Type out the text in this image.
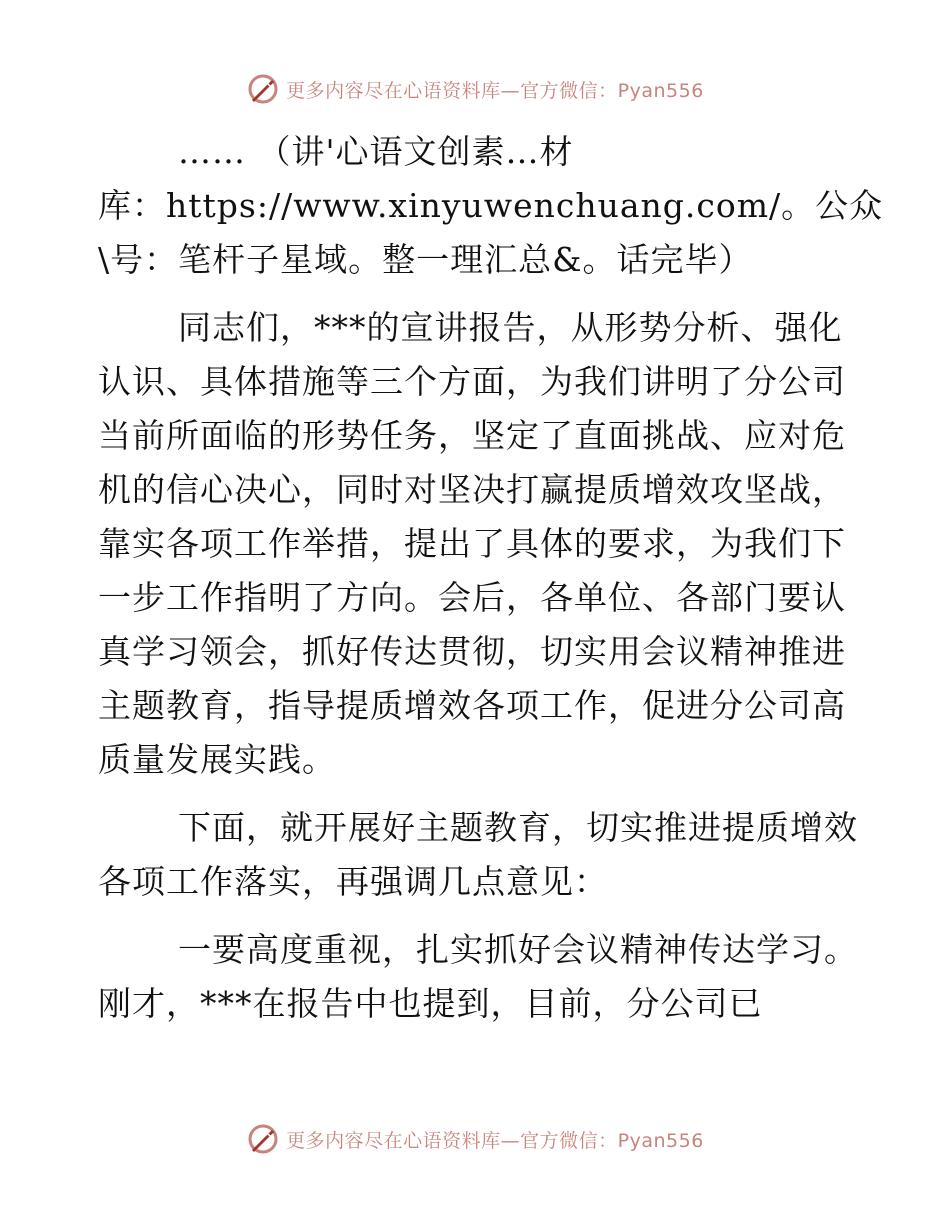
更多内容尽在心语资料库—官方微信：Pyan556

…… （讲'心语文创素…材

库：https://www.xinyuwenchuang.com/。公众
\号：笔杆子星域。整一理汇总&。话完毕）

同志们，***的宣讲报告，从形势分析、强化认识、具体措施等三个方面，为我们讲明了分公司当前所面临的形势任务，坚定了直面挑战、应对危机的信心决心，同时对坚决打赢提质增效攻坚战，靠实各项工作举措，提出了具体的要求，为我们下一步工作指明了方向。会后，各单位、各部门要认真学习领会，抓好传达贯彻，切实用会议精神推进主题教育，指导提质增效各项工作，促进分公司高质量发展实践。

下面，就开展好主题教育，切实推进提质增效各项工作落实，再强调几点意见：

一要高度重视，扎实抓好会议精神传达学习。刚才，***在报告中也提到，目前，分公司已

更多内容尽在心语资料库—官方微信：Pyan556
